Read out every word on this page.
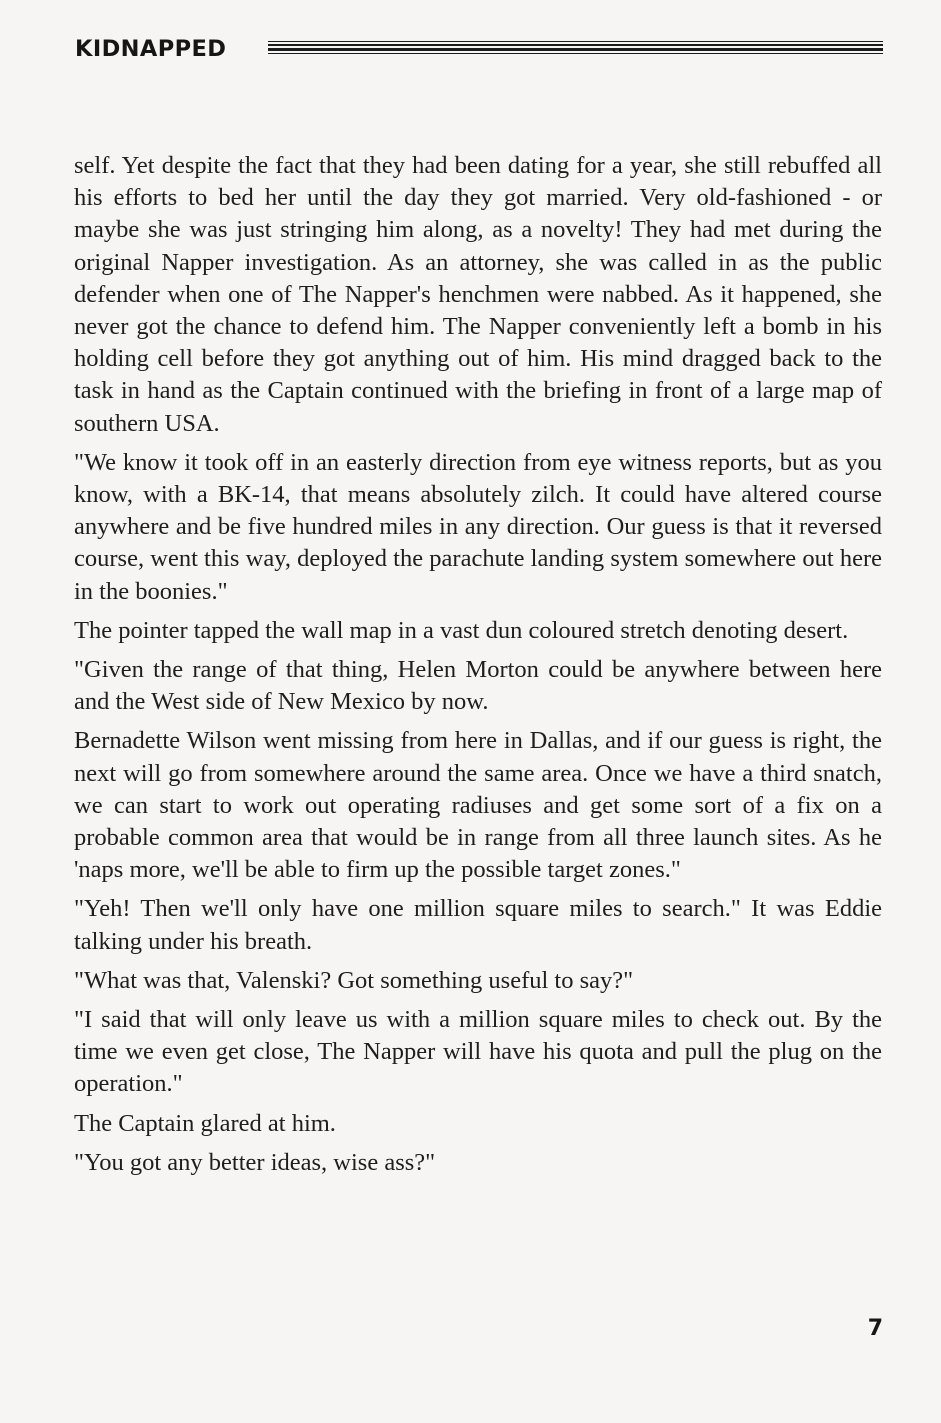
KIDNAPPED

self. Yet despite the fact that they had been dating for a year, she still rebuffed all his efforts to bed her until the day they got married. Very old-fashioned - or maybe she was just stringing him along, as a novelty! They had met during the original Napper investigation. As an attorney, she was called in as the public defender when one of The Napper's henchmen were nabbed. As it happened, she never got the chance to defend him. The Napper conveniently left a bomb in his holding cell before they got anything out of him. His mind dragged back to the task in hand as the Captain continued with the briefing in front of a large map of southern USA.

"We know it took off in an easterly direction from eye witness reports, but as you know, with a BK-14, that means absolutely zilch. It could have altered course anywhere and be five hundred miles in any direction. Our guess is that it reversed course, went this way, deployed the parachute landing system somewhere out here in the boonies."

The pointer tapped the wall map in a vast dun coloured stretch denoting desert.

"Given the range of that thing, Helen Morton could be anywhere between here and the West side of New Mexico by now.

Bernadette Wilson went missing from here in Dallas, and if our guess is right, the next will go from somewhere around the same area. Once we have a third snatch, we can start to work out operating radiuses and get some sort of a fix on a probable common area that would be in range from all three launch sites. As he 'naps more, we'll be able to firm up the possible target zones."

"Yeh! Then we'll only have one million square miles to search." It was Eddie talking under his breath.

"What was that, Valenski? Got something useful to say?"

"I said that will only leave us with a million square miles to check out. By the time we even get close, The Napper will have his quota and pull the plug on the operation."

The Captain glared at him.

"You got any better ideas, wise ass?"

7
